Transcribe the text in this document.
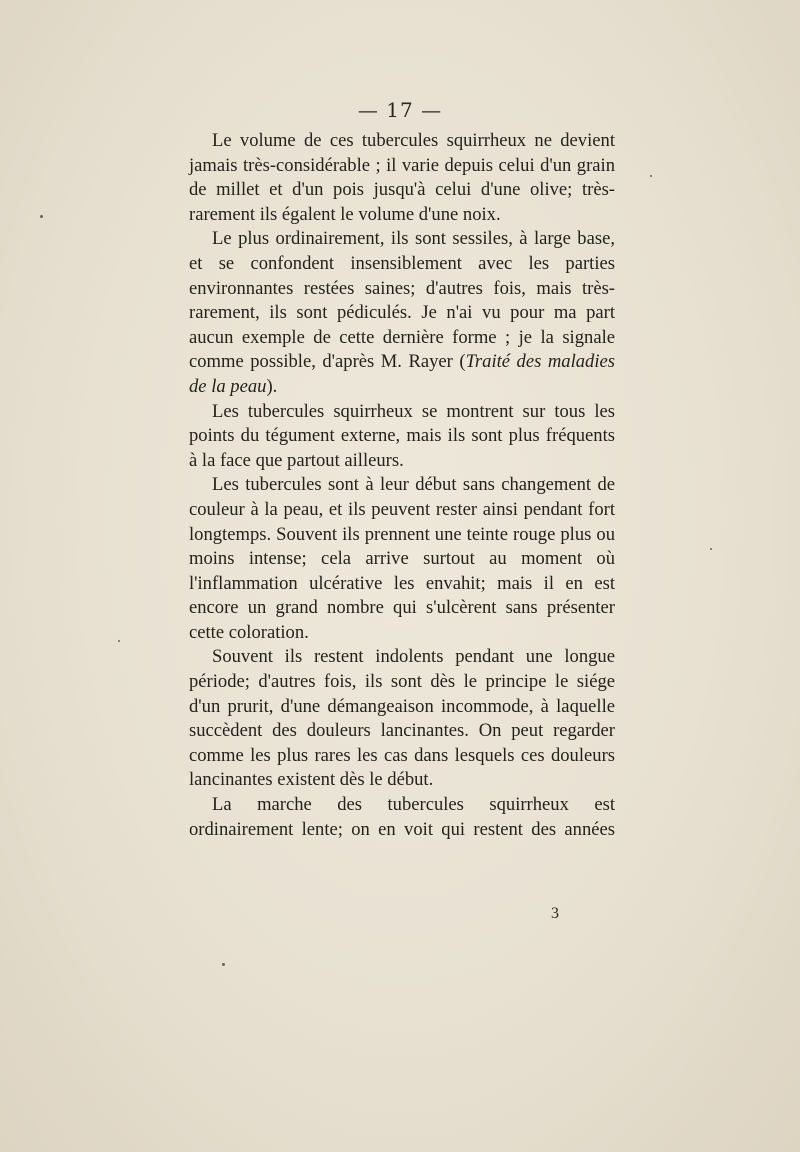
— 17 —

Le volume de ces tubercules squirrheux ne devient jamais très-considérable ; il varie depuis celui d'un grain de millet et d'un pois jusqu'à celui d'une olive; très-rarement ils égalent le volume d'une noix.

Le plus ordinairement, ils sont sessiles, à large base, et se confondent insensiblement avec les parties environnantes restées saines; d'autres fois, mais très-rarement, ils sont pédiculés. Je n'ai vu pour ma part aucun exemple de cette dernière forme ; je la signale comme possible, d'après M. Rayer (Traité des maladies de la peau).

Les tubercules squirrheux se montrent sur tous les points du tégument externe, mais ils sont plus fréquents à la face que partout ailleurs.

Les tubercules sont à leur début sans changement de couleur à la peau, et ils peuvent rester ainsi pendant fort longtemps. Souvent ils prennent une teinte rouge plus ou moins intense; cela arrive surtout au moment où l'inflammation ulcérative les envahit; mais il en est encore un grand nombre qui s'ulcèrent sans présenter cette coloration.

Souvent ils restent indolents pendant une longue période; d'autres fois, ils sont dès le principe le siége d'un prurit, d'une démangeaison incommode, à laquelle succèdent des douleurs lancinantes. On peut regarder comme les plus rares les cas dans lesquels ces douleurs lancinantes existent dès le début.

La marche des tubercules squirrheux est ordinairement lente; on en voit qui restent des années

3
